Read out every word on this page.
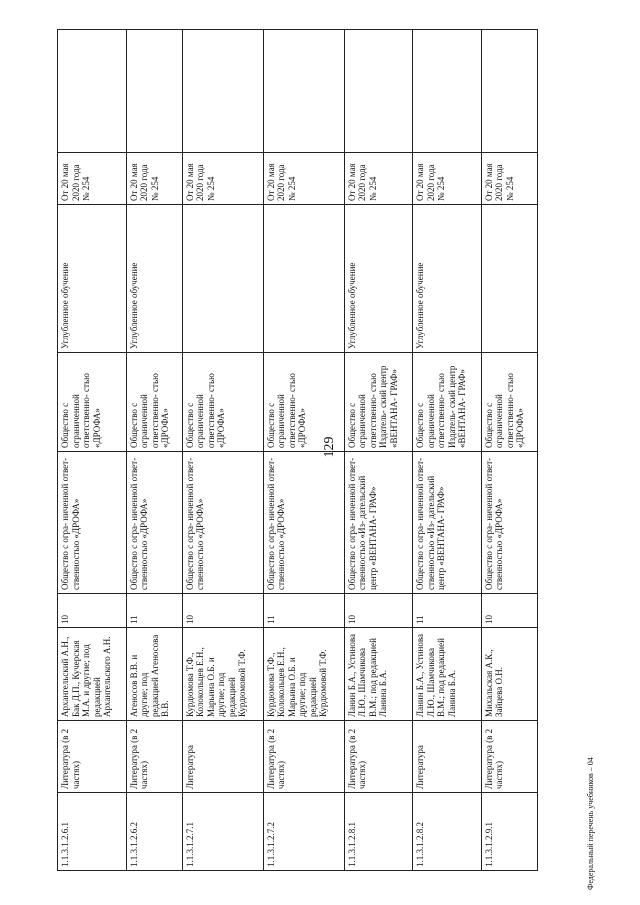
129
1.1.3.1.2.6.1	Литература (в 2 частях)	Архангельский А.Н., Бак Д.П., Кучерская М.А. и другие; под редакцией Архангельского А.Н.	10	Общество с огра- ниченной ответ- ственностью «ДРОФА»	Общество с ограниченной ответственно- стью «ДРОФА»	Углубленное обучение	От 20 мая 2020 года № 254	
1.1.3.1.2.6.2	Литература (в 2 частях)	Агеносов В.В. и другие; под редакцией Агеносова В.В.	11	Общество с огра- ниченной ответ- ственностью «ДРОФА»	Общество с ограниченной ответственно- стью «ДРОФА»	Углубленное обучение	От 20 мая 2020 года № 254	
1.1.3.1.2.7.1	Литература	Курдюмова Т.Ф., Колокольцев Е.Н., Марьина О.Б. и другие; под редакцией Курдюмовой Т.Ф.	10	Общество с огра- ниченной ответ- ственностью «ДРОФА»	Общество с ограниченной ответственно- стью «ДРОФА»		От 20 мая 2020 года № 254	
1.1.3.1.2.7.2	Литература (в 2 частях)	Курдюмова Т.Ф., Колокольцев Е.Н., Марьина О.Б. и другие; под редакцией Курдюмовой Т.Ф.	11	Общество с огра- ниченной ответ- ственностью «ДРОФА»	Общество с ограниченной ответственно- стью «ДРОФА»		От 20 мая 2020 года № 254	
1.1.3.1.2.8.1	Литература (в 2 частях)	Ланин Б.А., Устинова Л.Ю., Шамчикова В.М.; под редакцией Ланина Б.А.	10	Общество с огра- ниченной ответ- ственностью «Из- дательский центр «ВЕНТАНА- ГРАФ»	Общество с ограниченной ответственно- стью Издатель- ский центр «ВЕНТАНА- ГРАФ»	Углубленное обучение	От 20 мая 2020 года № 254	
1.1.3.1.2.8.2	Литература	Ланин Б.А., Устинова Л.Ю., Шамчикова В.М.; под редакцией Ланина Б.А.	11	Общество с огра- ниченной ответ- ственностью «Из- дательский центр «ВЕНТАНА- ГРАФ»	Общество с ограниченной ответственно- стью Издатель- ский центр «ВЕНТАНА- ГРАФ»	Углубленное обучение	От 20 мая 2020 года № 254	
1.1.3.1.2.9.1	Литература (в 2 частях)	Михальская А.К., Зайцева О.Н.	10	Общество с огра- ниченной ответ- ственностью «ДРОФА»	Общество с ограниченной ответственно- стью «ДРОФА»		От 20 мая 2020 года № 254	
Федеральный перечень учебников – 04
